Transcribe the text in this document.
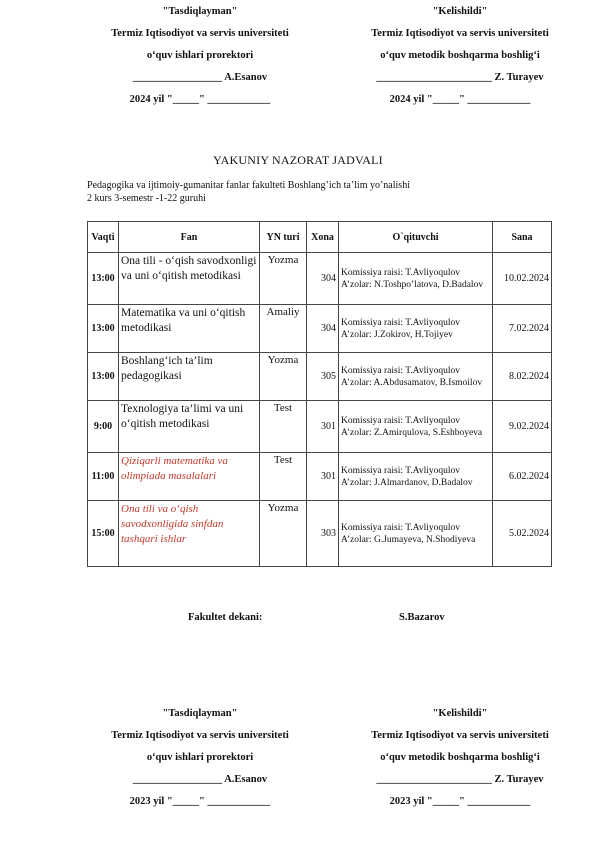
"Tasdiqlayman"
Termiz Iqtisodiyot va servis universiteti
o‘quv ishlari prorektori
_________________ A.Esanov
2024 yil "_____" ____________
"Kelishildi"
Termiz Iqtisodiyot va servis universiteti
o‘quv metodik boshqarma boshlig‘i
______________________ Z. Turayev
2024 yil "_____" ____________
YAKUNIY NAZORAT JADVALI
Pedagogika va ijtimoiy-gumanitar fanlar fakulteti Boshlang’ich ta’lim yo’nalishi
2 kurs 3-semestr -1-22 guruhi
Vaqti	Fan	YN turi	Xona	O`qituvchi	Sana
13:00	Ona tili - o‘qish savodxonligi va uni o‘qitish metodikasi	Yozma	304	Komissiya raisi: T.Avliyoqulov
A’zolar: N.Toshpo’latova, D.Badalov	10.02.2024
13:00	Matematika va uni o‘qitish metodikasi	Amaliy	304	Komissiya raisi: T.Avliyoqulov
A’zolar: J.Zokirov, H.Tojiyev	7.02.2024
13:00	Boshlang‘ich ta’lim pedagogikasi	Yozma	305	Komissiya raisi: T.Avliyoqulov
A’zolar: A.Abdusamatov, B.Ismoilov	8.02.2024
9:00	Texnologiya ta’limi va uni o‘qitish metodikasi	Test	301	Komissiya raisi: T.Avliyoqulov
A’zolar: Z.Amirqulova, S.Eshboyeva	9.02.2024
11:00	Qiziqarli matematika va olimpiada masalalari	Test	301	Komissiya raisi: T.Avliyoqulov
A’zolar: J.Almardanov, D.Badalov	6.02.2024
15:00	Ona tili va o‘qish savodxonligida sinfdan tashqari ishlar	Yozma	303	Komissiya raisi: T.Avliyoqulov
A’zolar: G.Jumayeva, N.Shodiyeva	5.02.2024
Fakultet dekani:	S.Bazarov
"Tasdiqlayman"
Termiz Iqtisodiyot va servis universiteti
o‘quv ishlari prorektori
_________________ A.Esanov
2023 yil "_____" ____________
"Kelishildi"
Termiz Iqtisodiyot va servis universiteti
o‘quv metodik boshqarma boshlig‘i
______________________ Z. Turayev
2023 yil "_____" ____________
